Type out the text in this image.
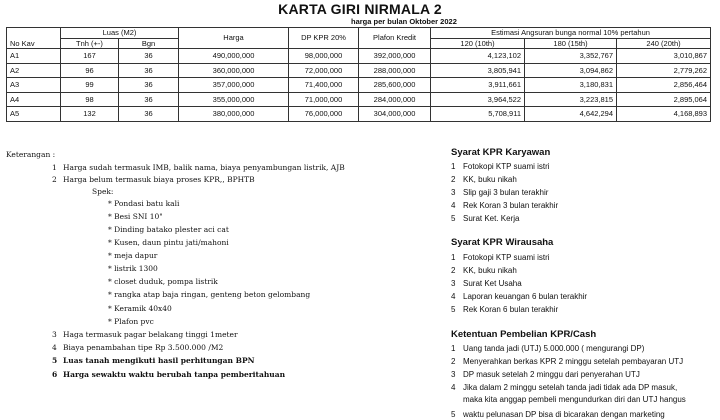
KARTA GIRI NIRMALA 2
harga per bulan Oktober 2022
No Kav	Luas (M2)		Harga	DP KPR 20%	Plafon Kredit	Estimasi Angsuran bunga normal 10% pertahun		
	Tnh (+-)	Bgn				120 (10th)	180 (15th)	240 (20th)
A1	167	36	490,000,000	98,000,000	392,000,000	4,123,102	3,352,767	3,010,867
A2	96	36	360,000,000	72,000,000	288,000,000	3,805,941	3,094,862	2,779,262
A3	99	36	357,000,000	71,400,000	285,600,000	3,911,661	3,180,831	2,856,464
A4	98	36	355,000,000	71,000,000	284,000,000	3,964,522	3,223,815	2,895,064
A5	132	36	380,000,000	76,000,000	304,000,000	5,708,911	4,642,294	4,168,893
Keterangan :
1 Harga sudah termasuk IMB, balik nama, biaya penyambungan listrik, AJB
2 Harga belum termasuk biaya proses KPR,, BPHTB
Spek:
* Pondasi batu kali
* Besi SNI 10"
* Dinding batako plester aci cat
* Kusen, daun pintu jati/mahoni
* meja dapur
* listrik 1300
* closet duduk, pompa listrik
* rangka atap baja ringan, genteng beton gelombang
* Keramik 40x40
* Plafon pvc
3 Haga termasuk pagar belakang tinggi 1meter
4 Biaya penambahan tipe Rp 3.500.000 /M2
5 Luas tanah mengikuti hasil perhitungan BPN
6 Harga sewaktu waktu berubah tanpa pemberitahuan
Syarat KPR Karyawan
1 Fotokopi KTP suami istri
2 KK, buku nikah
3 Slip gaji 3 bulan terakhir
4 Rek Koran 3 bulan terakhir
5 Surat Ket. Kerja
Syarat KPR Wirausaha
1 Fotokopi KTP suami istri
2 KK, buku nikah
3 Surat Ket Usaha
4 Laporan keuangan 6 bulan terakhir
5 Rek Koran 6 bulan terakhir
Ketentuan Pembelian KPR/Cash
1 Uang tanda jadi (UTJ) 5.000.000 ( mengurangi DP)
2 Menyerahkan berkas KPR 2 minggu setelah pembayaran UTJ
3 DP masuk setelah 2 minggu dari penyerahan UTJ
4 Jika dalam 2 minggu setelah tanda jadi tidak ada DP masuk,
maka kita anggap pembeli mengundurkan diri dan UTJ hangus
5 waktu pelunasan DP bisa di bicarakan dengan marketing
